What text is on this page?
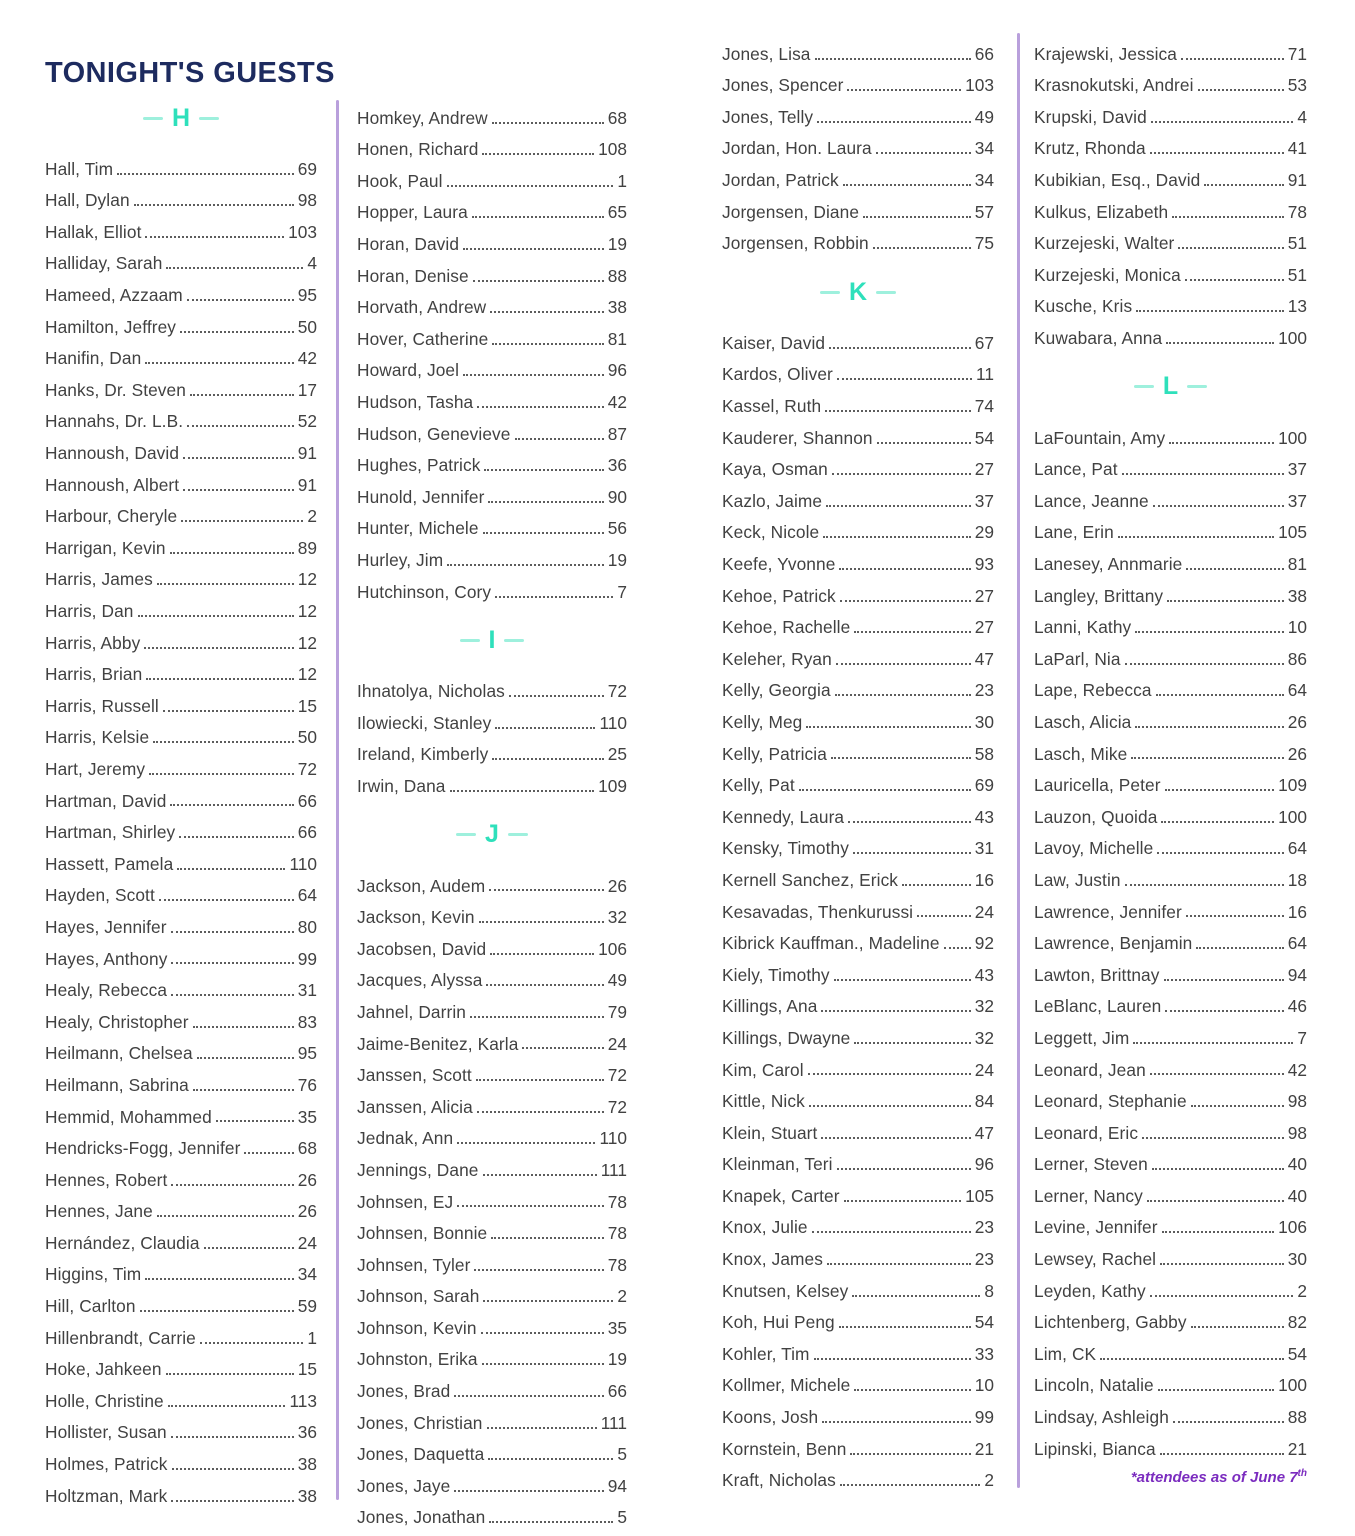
TONIGHT'S GUESTS
H
Hall, Tim	69
Hall, Dylan	98
Hallak, Elliot	103
Halliday, Sarah	4
Hameed, Azzaam	95
Hamilton, Jeffrey	50
Hanifin, Dan	42
Hanks, Dr. Steven	17
Hannahs, Dr. L.B.	52
Hannoush, David	91
Hannoush, Albert	91
Harbour, Cheryle	2
Harrigan, Kevin	89
Harris, James	12
Harris, Dan	12
Harris, Abby	12
Harris, Brian	12
Harris, Russell	15
Harris, Kelsie	50
Hart, Jeremy	72
Hartman, David	66
Hartman, Shirley	66
Hassett, Pamela	110
Hayden, Scott	64
Hayes, Jennifer	80
Hayes, Anthony	99
Healy, Rebecca	31
Healy, Christopher	83
Heilmann, Chelsea	95
Heilmann, Sabrina	76
Hemmid, Mohammed	35
Hendricks-Fogg, Jennifer	68
Hennes, Robert	26
Hennes, Jane	26
Hernández, Claudia	24
Higgins, Tim	34
Hill, Carlton	59
Hillenbrandt, Carrie	1
Hoke, Jahkeen	15
Holle, Christine	113
Hollister, Susan	36
Holmes, Patrick	38
Holtzman, Mark	38
Homkey, Andrew	68
Honen, Richard	108
Hook, Paul	1
Hopper, Laura	65
Horan, David	19
Horan, Denise	88
Horvath, Andrew	38
Hover, Catherine	81
Howard, Joel	96
Hudson, Tasha	42
Hudson, Genevieve	87
Hughes, Patrick	36
Hunold, Jennifer	90
Hunter, Michele	56
Hurley, Jim	19
Hutchinson, Cory	7
I
Ihnatolya, Nicholas	72
Ilowiecki, Stanley	110
Ireland, Kimberly	25
Irwin, Dana	109
J
Jackson, Audem	26
Jackson, Kevin	32
Jacobsen, David	106
Jacques, Alyssa	49
Jahnel, Darrin	79
Jaime-Benitez, Karla	24
Janssen, Scott	72
Janssen, Alicia	72
Jednak, Ann	110
Jennings, Dane	111
Johnsen, EJ	78
Johnsen, Bonnie	78
Johnsen, Tyler	78
Johnson, Sarah	2
Johnson, Kevin	35
Johnston, Erika	19
Jones, Brad	66
Jones, Christian	111
Jones, Daquetta	5
Jones, Jaye	94
Jones, Jonathan	5
Jones, Lisa	66
Jones, Spencer	103
Jones, Telly	49
Jordan, Hon. Laura	34
Jordan, Patrick	34
Jorgensen, Diane	57
Jorgensen, Robbin	75
K
Kaiser, David	67
Kardos, Oliver	11
Kassel, Ruth	74
Kauderer, Shannon	54
Kaya, Osman	27
Kazlo, Jaime	37
Keck, Nicole	29
Keefe, Yvonne	93
Kehoe, Patrick	27
Kehoe, Rachelle	27
Keleher, Ryan	47
Kelly, Georgia	23
Kelly, Meg	30
Kelly, Patricia	58
Kelly, Pat	69
Kennedy, Laura	43
Kensky, Timothy	31
Kernell Sanchez, Erick	16
Kesavadas, Thenkurussi	24
Kibrick Kauffman., Madeline 92
Kiely, Timothy	43
Killings, Ana	32
Killings, Dwayne	32
Kim, Carol	24
Kittle, Nick	84
Klein, Stuart	47
Kleinman, Teri	96
Knapek, Carter	105
Knox, Julie	23
Knox, James	23
Knutsen, Kelsey	8
Koh, Hui Peng	54
Kohler, Tim	33
Kollmer, Michele	10
Koons, Josh	99
Kornstein, Benn	21
Kraft, Nicholas	2
Krajewski, Jessica	71
Krasnokutski, Andrei	53
Krupski, David	4
Krutz, Rhonda	41
Kubikian, Esq., David	91
Kulkus, Elizabeth	78
Kurzejeski, Walter	51
Kurzejeski, Monica	51
Kusche, Kris	13
Kuwabara, Anna	100
L
LaFountain, Amy	100
Lance, Pat	37
Lance, Jeanne	37
Lane, Erin	105
Lanesey, Annmarie	81
Langley, Brittany	38
Lanni, Kathy	10
LaParl, Nia	86
Lape, Rebecca	64
Lasch, Alicia	26
Lasch, Mike	26
Lauricella, Peter	109
Lauzon, Quoida	100
Lavoy, Michelle	64
Law, Justin	18
Lawrence, Jennifer	16
Lawrence, Benjamin	64
Lawton, Brittnay	94
LeBlanc, Lauren	46
Leggett, Jim	7
Leonard, Jean	42
Leonard, Stephanie	98
Leonard, Eric	98
Lerner, Steven	40
Lerner, Nancy	40
Levine, Jennifer	106
Lewsey, Rachel	30
Leyden, Kathy	2
Lichtenberg, Gabby	82
Lim, CK	54
Lincoln, Natalie	100
Lindsay, Ashleigh	88
Lipinski, Bianca	21
*attendees as of June 7th
